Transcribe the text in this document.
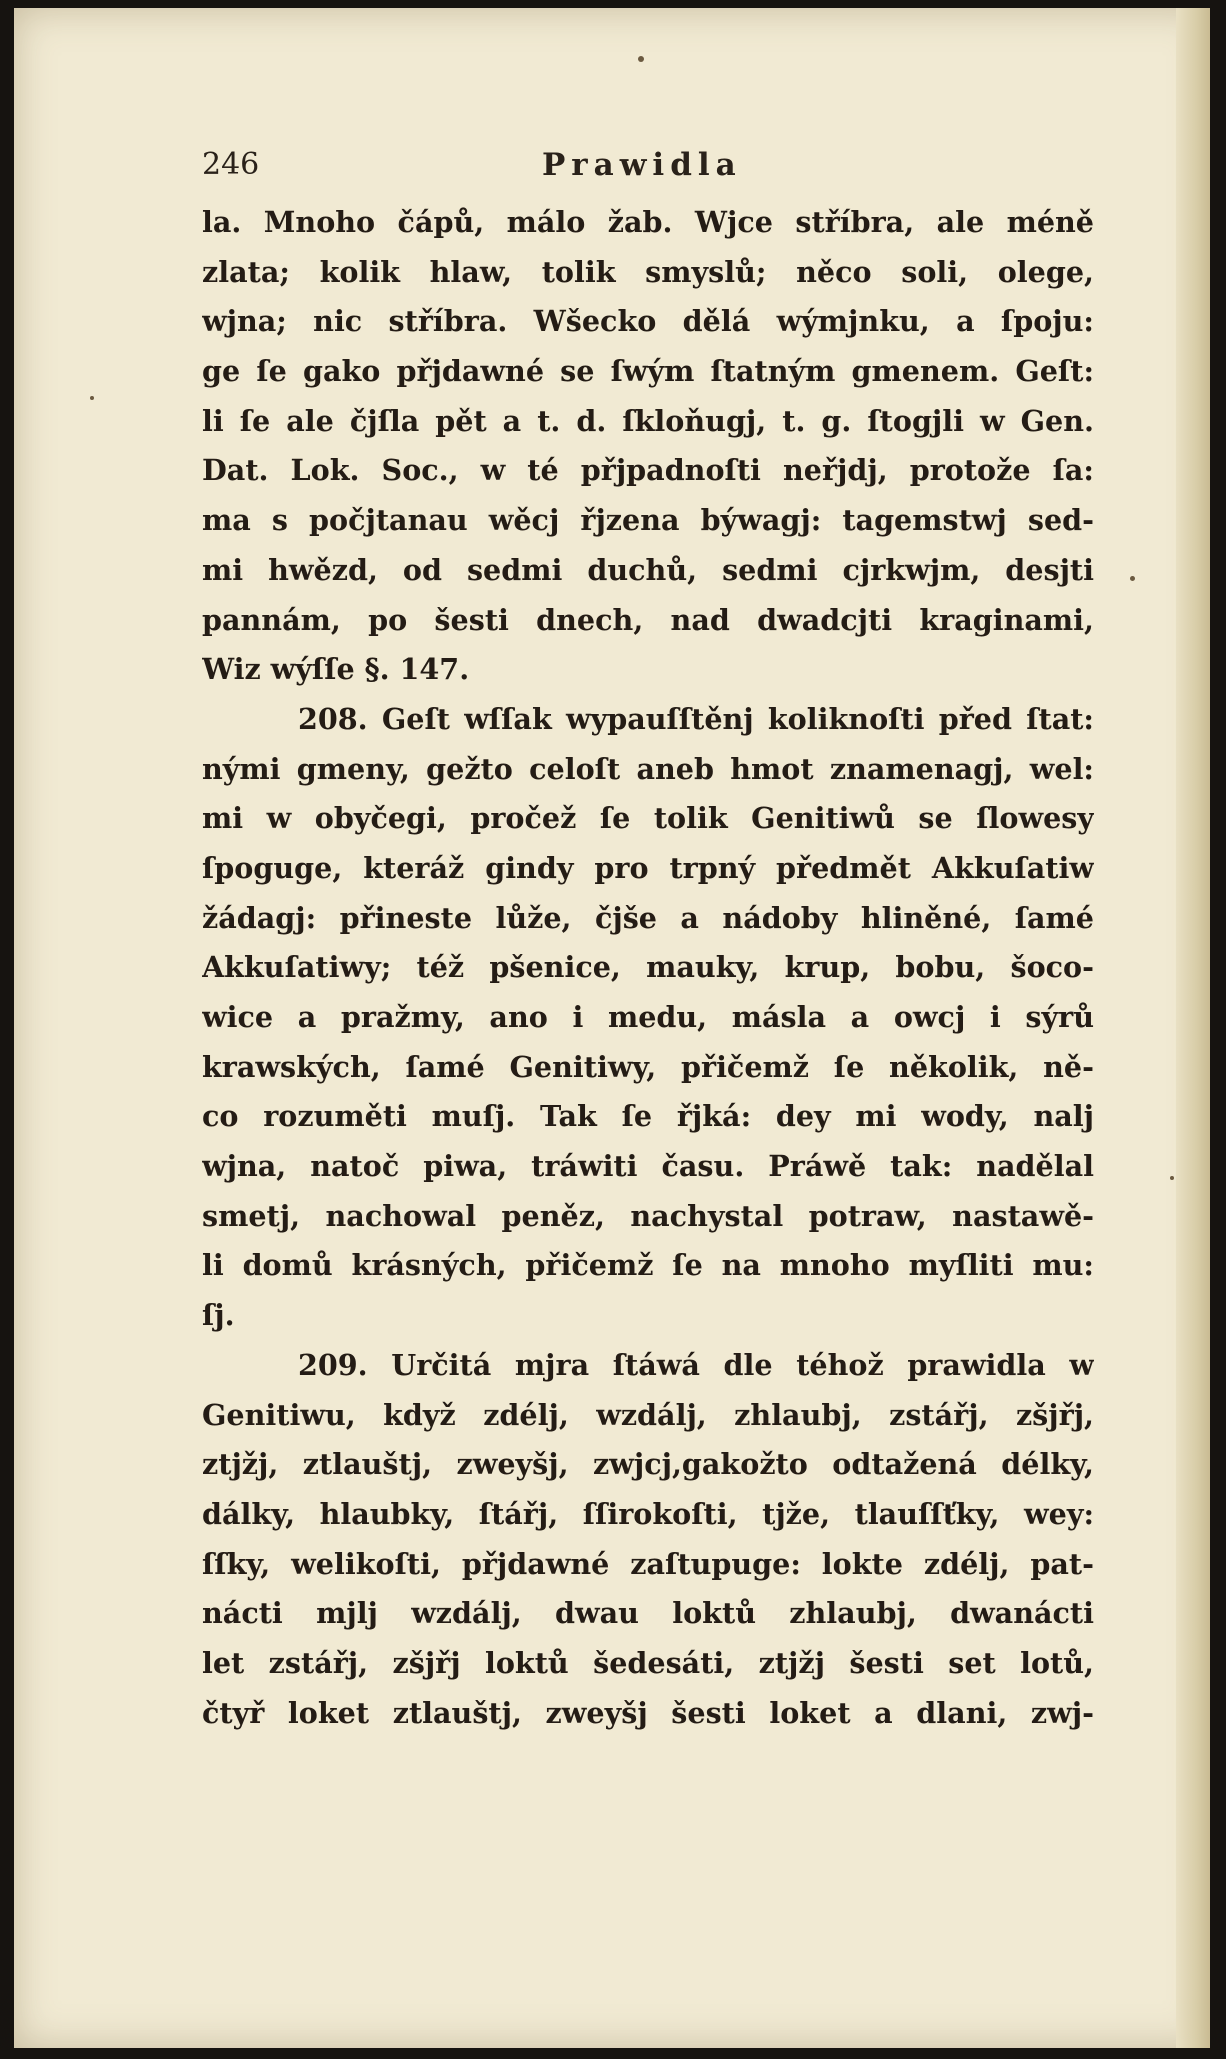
246	Prawidla
la. Mnoho čápů, málo žab. Wjce stříbra, ale méně
zlata; kolik hlaw, tolik smyslů; něco soli, olege,
wjna; nic stříbra. Wšecko dělá wýmjnku, a ſpoju:
ge ſe gako přjdawné se ſwým ſtatným gmenem. Geſt:
li ſe ale čjſla pět a t. d. ſkloňugj, t. g. ſtogjli w Gen.
Dat. Lok. Soc., w té přjpadnoſti neřjdj, protože ſa:
ma s počjtanau wěcj řjzena býwagj: tagemstwj sed-
mi hwězd, od sedmi duchů, sedmi cjrkwjm, desjti
pannám, po šesti dnech, nad dwadcjti kraginami,
Wiz wýſſe §. 147.
208. Geſt wſſak wypauſſtěnj koliknoſti před ſtat:
nými gmeny, gežto celoſt aneb hmot znamenagj, wel:
mi w obyčegi, pročež ſe tolik Genitiwů se ſlowesy
ſpoguge, kteráž gindy pro trpný předmět Akkuſatiw
žádagj: přineste lůže, čjše a nádoby hliněné, ſamé
Akkuſatiwy; též pšenice, mauky, krup, bobu, šoco-
wice a pražmy, ano i medu, másla a owcj i sýrů
krawských, ſamé Genitiwy, přičemž ſe několik, ně-
co rozuměti muſj. Tak ſe řjká: dey mi wody, nalj
wjna, natoč piwa, tráwiti času. Práwě tak: nadělal
smetj, nachowal peněz, nachystal potraw, nastawě-
li domů krásných, přičemž ſe na mnoho myſliti mu:
ſj.
209. Určitá mjra ſtáwá dle téhož prawidla w
Genitiwu, když zdélj, wzdálj, zhlaubj, zstářj, zšjřj,
ztjžj, ztlauštj, zweyšj, zwjcj,gakožto odtažená délky,
dálky, hlaubky, ſtářj, ſſirokoſti, tjže, tlauſſťky, wey:
ſſky, welikoſti, přjdawné zaſtupuge: lokte zdélj, pat-
nácti mjlj wzdálj, dwau loktů zhlaubj, dwanácti
let zstářj, zšjřj loktů šedesáti, ztjžj šesti set lotů,
čtyř loket ztlauštj, zweyšj šesti loket a dlani, zwj-
